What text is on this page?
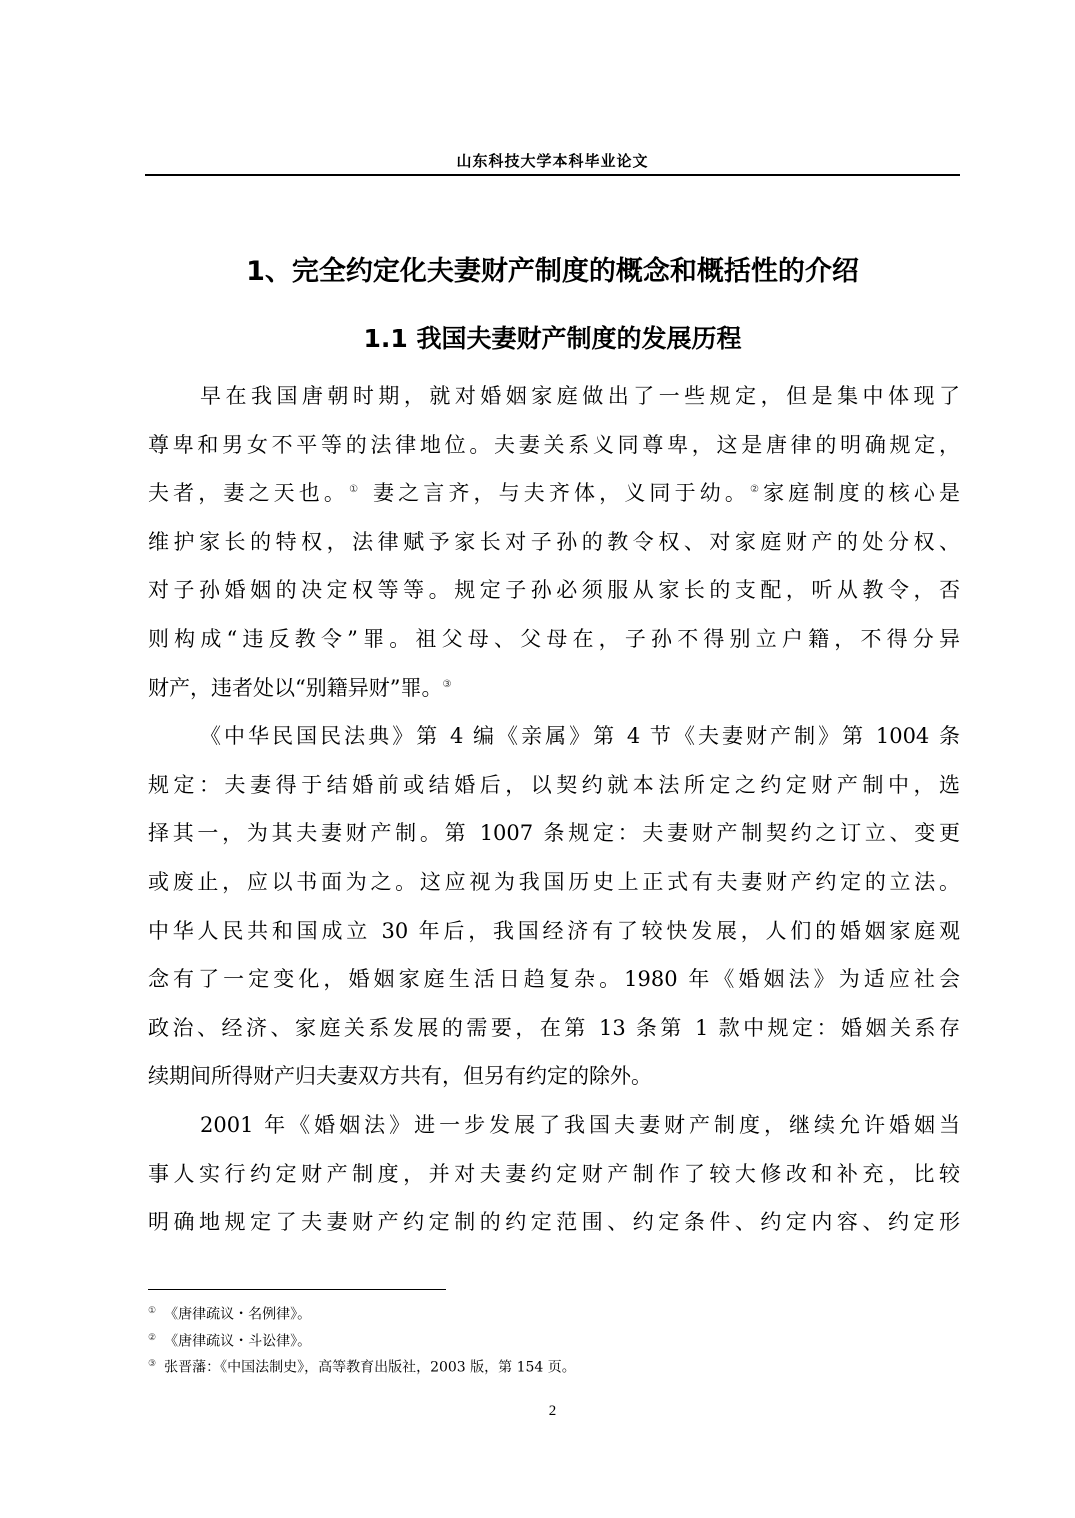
山东科技大学本科毕业论文
1、完全约定化夫妻财产制度的概念和概括性的介绍
1.1 我国夫妻财产制度的发展历程
早在我国唐朝时期，就对婚姻家庭做出了一些规定，但是集中体现了
尊卑和男女不平等的法律地位。夫妻关系义同尊卑，这是唐律的明确规定，
夫者，妻之天也。① 妻之言齐，与夫齐体，义同于幼。②家庭制度的核心是
维护家长的特权，法律赋予家长对子孙的教令权、对家庭财产的处分权、
对子孙婚姻的决定权等等。规定子孙必须服从家长的支配，听从教令，否
则构成“违反教令”罪。祖父母、父母在，子孙不得别立户籍，不得分异
财产，违者处以“别籍异财”罪。③
《中华民国民法典》第 4 编《亲属》第 4 节《夫妻财产制》第 1004 条
规定：夫妻得于结婚前或结婚后，以契约就本法所定之约定财产制中，选
择其一，为其夫妻财产制。第 1007 条规定：夫妻财产制契约之订立、变更
或废止，应以书面为之。这应视为我国历史上正式有夫妻财产约定的立法。
中华人民共和国成立 30 年后，我国经济有了较快发展，人们的婚姻家庭观
念有了一定变化，婚姻家庭生活日趋复杂。1980 年《婚姻法》为适应社会
政治、经济、家庭关系发展的需要，在第 13 条第 1 款中规定：婚姻关系存
续期间所得财产归夫妻双方共有，但另有约定的除外。
2001 年《婚姻法》进一步发展了我国夫妻财产制度，继续允许婚姻当
事人实行约定财产制度，并对夫妻约定财产制作了较大修改和补充，比较
明确地规定了夫妻财产约定制的约定范围、约定条件、约定内容、约定形
① 《唐律疏议・名例律》。
② 《唐律疏议・斗讼律》。
③ 张晋藩：《中国法制史》，高等教育出版社，2003 版，第 154 页。
2
